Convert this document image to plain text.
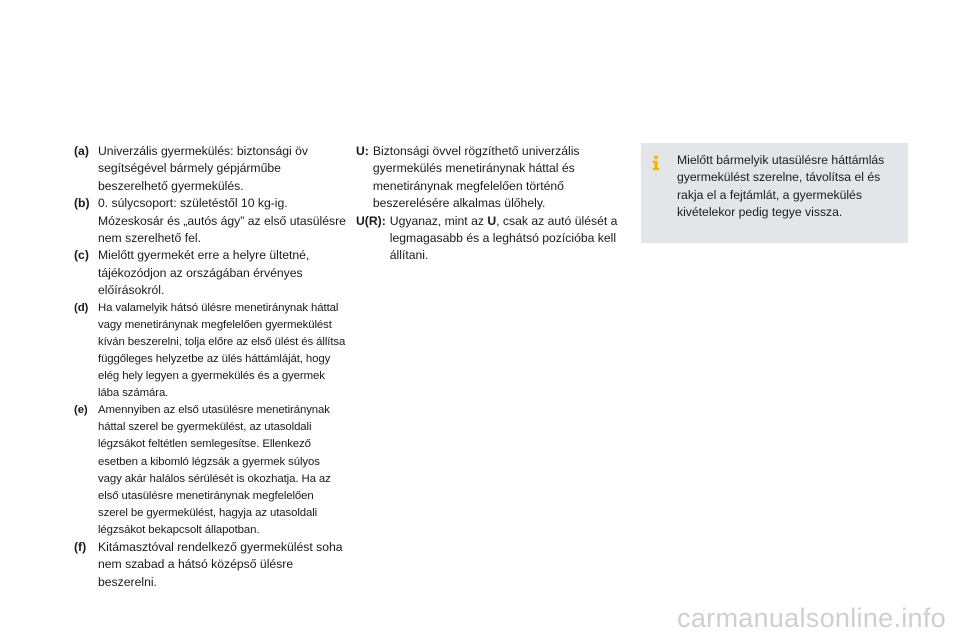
(a) Univerzális gyermekülés: biztonsági öv segítségével bármely gépjárműbe beszerelhető gyermekülés.
(b) 0. súlycsoport: születéstől 10 kg-ig. Mózeskosár és „autós ágy” az első utasülésre nem szerelhető fel.
(c) Mielőtt gyermekét erre a helyre ültetné, tájékozódjon az országában érvényes előírásokról.
(d) Ha valamelyik hátsó ülésre menetiránynak háttal vagy menetiránynak megfelelően gyermekülést kíván beszerelni, tolja előre az első ülést és állítsa függőleges helyzetbe az ülés háttámláját, hogy elég hely legyen a gyermekülés és a gyermek lába számára.
(e) Amennyiben az első utasülésre menetiránynak háttal szerel be gyermekülést, az utasoldali légzsákot feltétlen semlegesítse. Ellenkező esetben a kibomló légzsák a gyermek súlyos vagy akár halálos sérülését is okozhatja. Ha az első utasülésre menetiránynak megfelelően szerel be gyermekülést, hagyja az utasoldali légzsákot bekapcsolt állapotban.
(f) Kitámasztóval rendelkező gyermekülést soha nem szabad a hátsó középső ülésre beszerelni.
U: Biztonsági övvel rögzíthető univerzális gyermekülés menetiránynak háttal és menetiránynak megfelelően történő beszerelésére alkalmas ülőhely.
U(R): Ugyanaz, mint az U, csak az autó ülését a legmagasabb és a leghátsó pozícióba kell állítani.
Mielőtt bármelyik utasülésre háttámlás gyermekülést szerelne, távolítsa el és rakja el a fejtámlát, a gyermekülés kivételekor pedig tegye vissza.
carmanualsonline.info
